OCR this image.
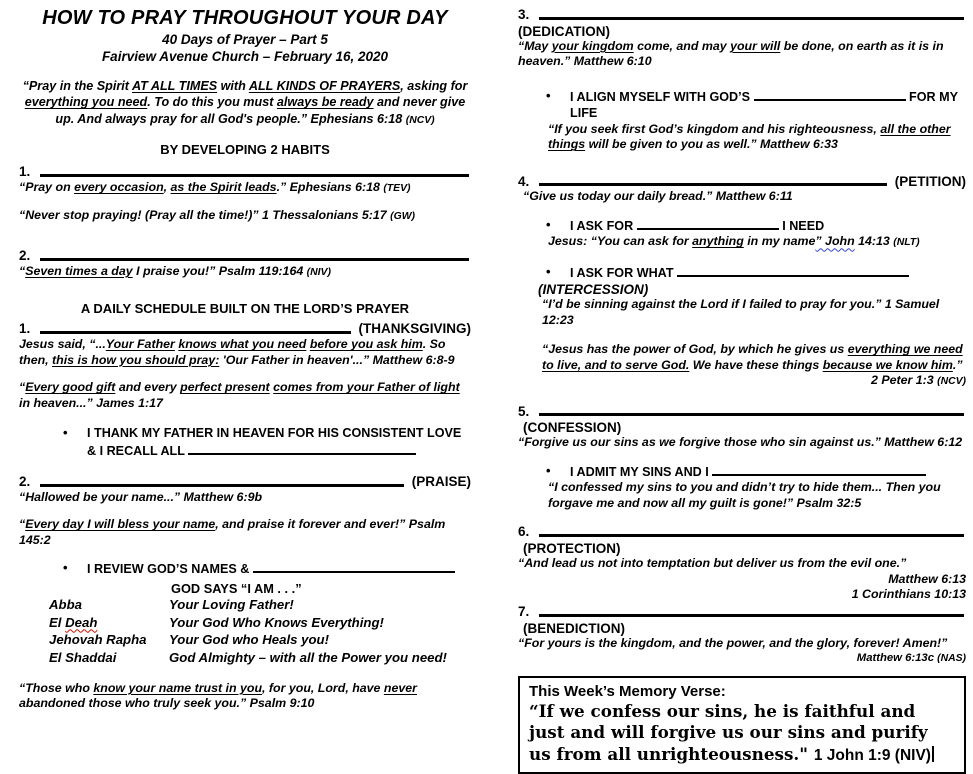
HOW TO PRAY THROUGHOUT YOUR DAY
40 Days of Prayer – Part 5
Fairview Avenue Church – February 16, 2020
“Pray in the Spirit AT ALL TIMES with ALL KINDS OF PRAYERS, asking for everything you need. To do this you must always be ready and never give up. And always pray for all God's people.” Ephesians 6:18 (NCV)
BY DEVELOPING 2 HABITS
1.
“Pray on every occasion, as the Spirit leads.” Ephesians 6:18 (TEV)
“Never stop praying! (Pray all the time!)” 1 Thessalonians 5:17 (GW)
2.
“Seven times a day I praise you!” Psalm 119:164 (NIV)
A DAILY SCHEDULE BUILT ON THE LORD’S PRAYER
1.	(THANKSGIVING)
Jesus said, “...Your Father knows what you need before you ask him. So then, this is how you should pray: 'Our Father in heaven'...” Matthew 6:8-9
“Every good gift and every perfect present comes from your Father of light in heaven...” James 1:17
•	I THANK MY FATHER IN HEAVEN FOR HIS CONSISTENT LOVE & I RECALL ALL
2.	(PRAISE)
“Hallowed be your name...” Matthew 6:9b
“Every day I will bless your name, and praise it forever and ever!” Psalm 145:2
•	I REVIEW GOD’S NAMES &
GOD SAYS “I AM . . .”
Abba	Your Loving Father!
El Deah	Your God Who Knows Everything!
Jehovah Rapha	Your God who Heals you!
El Shaddai	God Almighty – with all the Power you need!
“Those who know your name trust in you, for you, Lord, have never abandoned those who truly seek you.” Psalm 9:10
3.
(DEDICATION)
“May your kingdom come, and may your will be done, on earth as it is in heaven.” Matthew 6:10
•	I ALIGN MYSELF WITH GOD’S	FOR MY LIFE
“If you seek first God’s kingdom and his righteousness, all the other things will be given to you as well.” Matthew 6:33
4.	(PETITION)
“Give us today our daily bread.” Matthew 6:11
•	I ASK FOR	I NEED
Jesus: “You can ask for anything in my name” John 14:13 (NLT)
•	I ASK FOR WHAT
(INTERCESSION)
“I’d be sinning against the Lord if I failed to pray for you.” 1 Samuel 12:23
“Jesus has the power of God, by which he gives us everything we need to live, and to serve God. We have these things because we know him.”
2 Peter 1:3 (NCV)
5.
(CONFESSION)
“Forgive us our sins as we forgive those who sin against us.” Matthew 6:12
•	I ADMIT MY SINS AND I
“I confessed my sins to you and didn’t try to hide them... Then you forgave me and now all my guilt is gone!” Psalm 32:5
6.
(PROTECTION)
“And lead us not into temptation but deliver us from the evil one.”
Matthew 6:13
1 Corinthians 10:13
7.
(BENEDICTION)
“For yours is the kingdom, and the power, and the glory, forever! Amen!”
Matthew 6:13c (NAS)
This Week’s Memory Verse:
“If we confess our sins, he is faithful and just and will forgive us our sins and purify us from all unrighteousness." 1 John 1:9 (NIV)
